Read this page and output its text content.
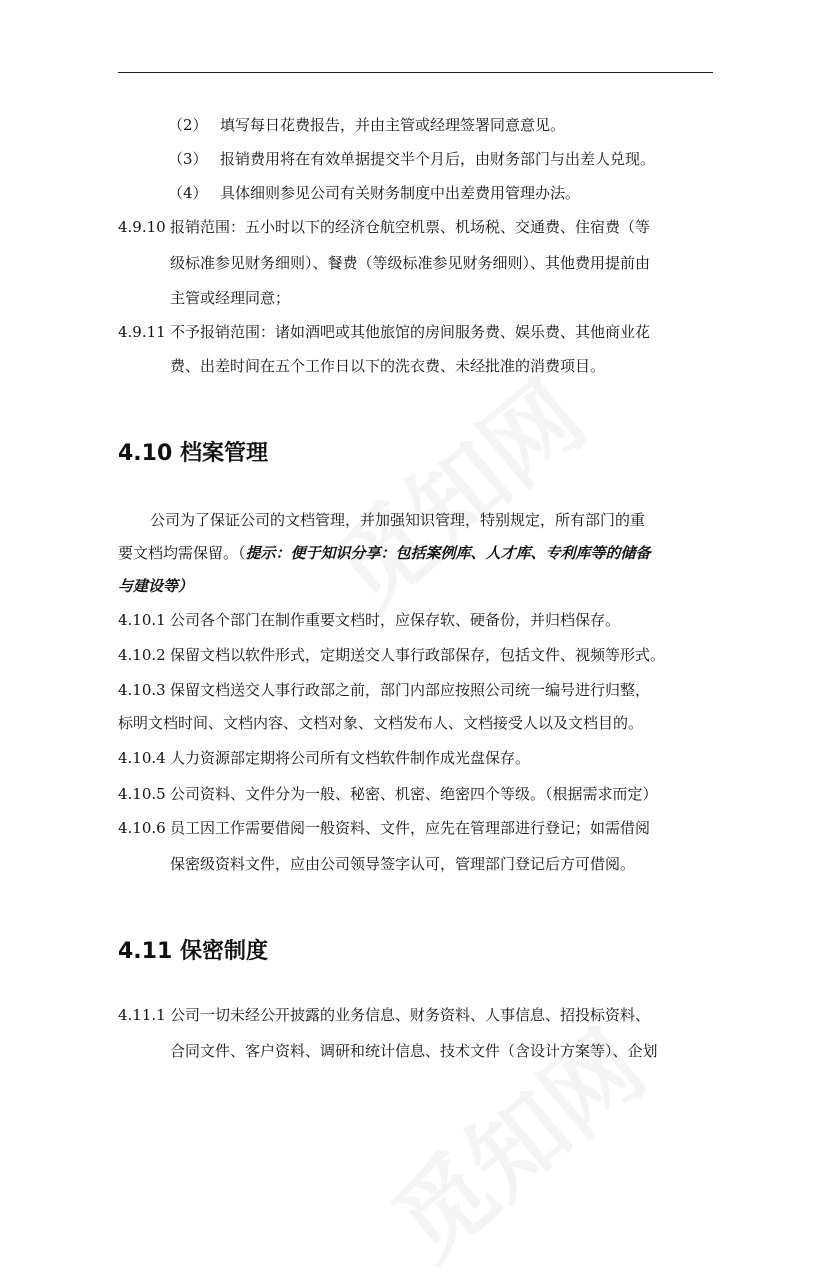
（2） 填写每日花费报告，并由主管或经理签署同意意见。
（3） 报销费用将在有效单据提交半个月后，由财务部门与出差人兑现。
（4） 具体细则参见公司有关财务制度中出差费用管理办法。
4.9.10 报销范围：五小时以下的经济仓航空机票、机场税、交通费、住宿费（等
级标准参见财务细则）、餐费（等级标准参见财务细则）、其他费用提前由
主管或经理同意；
4.9.11 不予报销范围：诸如酒吧或其他旅馆的房间服务费、娱乐费、其他商业花
费、出差时间在五个工作日以下的洗衣费、未经批准的消费项目。
4.10 档案管理
公司为了保证公司的文档管理，并加强知识管理，特别规定，所有部门的重
要文档均需保留。（提示：便于知识分享：包括案例库、人才库、专利库等的储备
与建设等）
4.10.1 公司各个部门在制作重要文档时，应保存软、硬备份，并归档保存。
4.10.2 保留文档以软件形式，定期送交人事行政部保存，包括文件、视频等形式。
4.10.3 保留文档送交人事行政部之前，部门内部应按照公司统一编号进行归整，
标明文档时间、文档内容、文档对象、文档发布人、文档接受人以及文档目的。
4.10.4 人力资源部定期将公司所有文档软件制作成光盘保存。
4.10.5 公司资料、文件分为一般、秘密、机密、绝密四个等级。（根据需求而定）
4.10.6 员工因工作需要借阅一般资料、文件，应先在管理部进行登记；如需借阅
保密级资料文件，应由公司领导签字认可，管理部门登记后方可借阅。
4.11 保密制度
4.11.1 公司一切未经公开披露的业务信息、财务资料、人事信息、招投标资料、
合同文件、客户资料、调研和统计信息、技术文件（含设计方案等）、企划
